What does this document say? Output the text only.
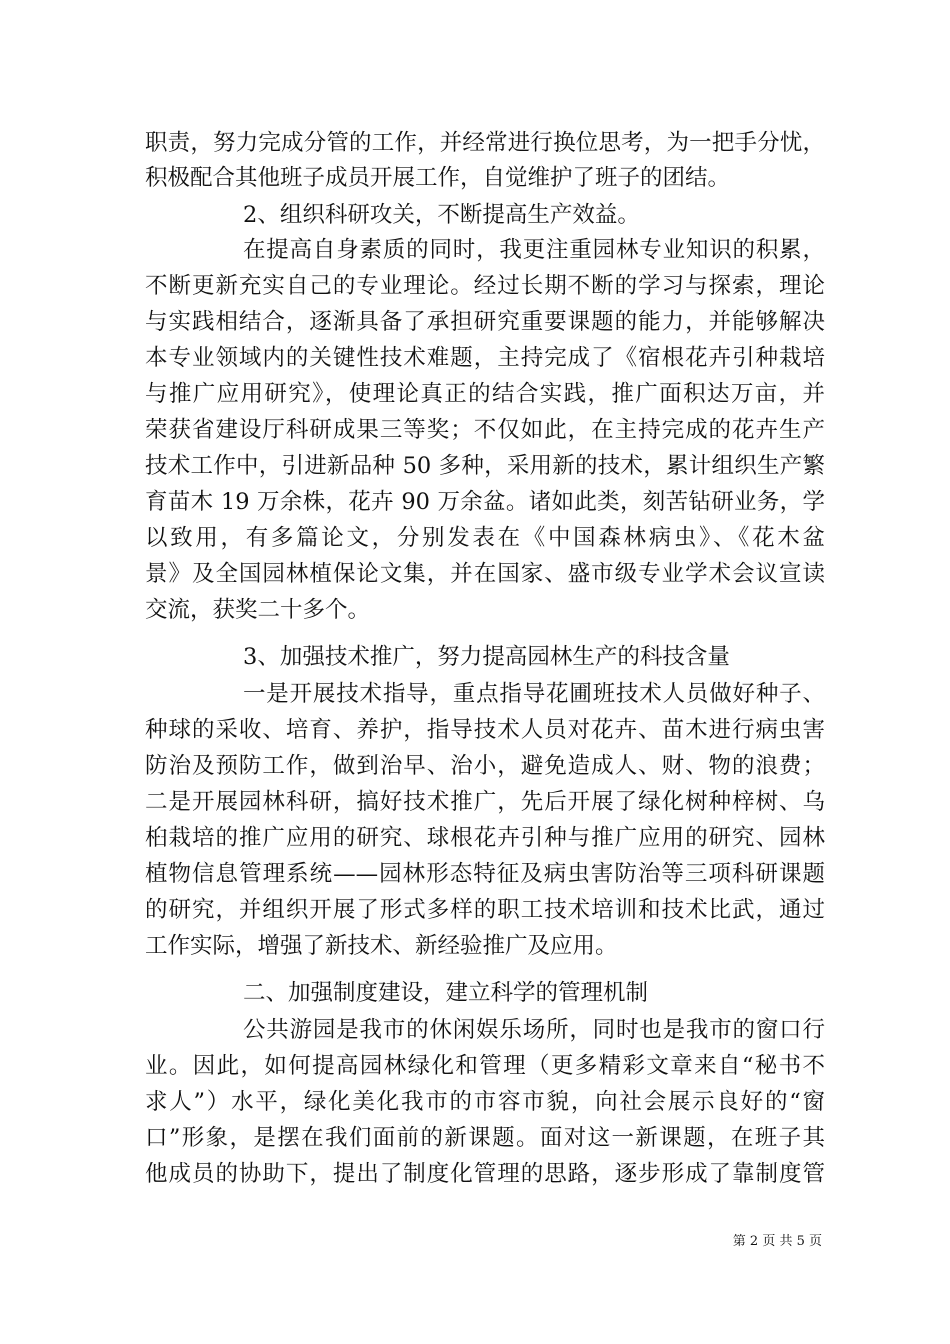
职责，努力完成分管的工作，并经常进行换位思考，为一把手分忧，
积极配合其他班子成员开展工作，自觉维护了班子的团结。
2、组织科研攻关，不断提高生产效益。
在提高自身素质的同时，我更注重园林专业知识的积累，
不断更新充实自己的专业理论。经过长期不断的学习与探索，理论
与实践相结合，逐渐具备了承担研究重要课题的能力，并能够解决
本专业领域内的关键性技术难题，主持完成了《宿根花卉引种栽培
与推广应用研究》，使理论真正的结合实践，推广面积达万亩，并
荣获省建设厅科研成果三等奖；不仅如此，在主持完成的花卉生产
技术工作中，引进新品种 50 多种，采用新的技术，累计组织生产繁
育苗木 19 万余株，花卉 90 万余盆。诸如此类，刻苦钻研业务，学
以致用，有多篇论文，分别发表在《中国森林病虫》、《花木盆
景》及全国园林植保论文集，并在国家、盛市级专业学术会议宣读
交流，获奖二十多个。
3、加强技术推广，努力提高园林生产的科技含量
一是开展技术指导，重点指导花圃班技术人员做好种子、
种球的采收、培育、养护，指导技术人员对花卉、苗木进行病虫害
防治及预防工作，做到治早、治小，避免造成人、财、物的浪费；
二是开展园林科研，搞好技术推广，先后开展了绿化树种梓树、乌
桕栽培的推广应用的研究、球根花卉引种与推广应用的研究、园林
植物信息管理系统——园林形态特征及病虫害防治等三项科研课题
的研究，并组织开展了形式多样的职工技术培训和技术比武，通过
工作实际，增强了新技术、新经验推广及应用。
二、加强制度建设，建立科学的管理机制
公共游园是我市的休闲娱乐场所，同时也是我市的窗口行
业。因此，如何提高园林绿化和管理（更多精彩文章来自“秘书不
求人”）水平，绿化美化我市的市容市貌，向社会展示良好的“窗
口”形象，是摆在我们面前的新课题。面对这一新课题，在班子其
他成员的协助下，提出了制度化管理的思路，逐步形成了靠制度管
第 2 页 共 5 页
